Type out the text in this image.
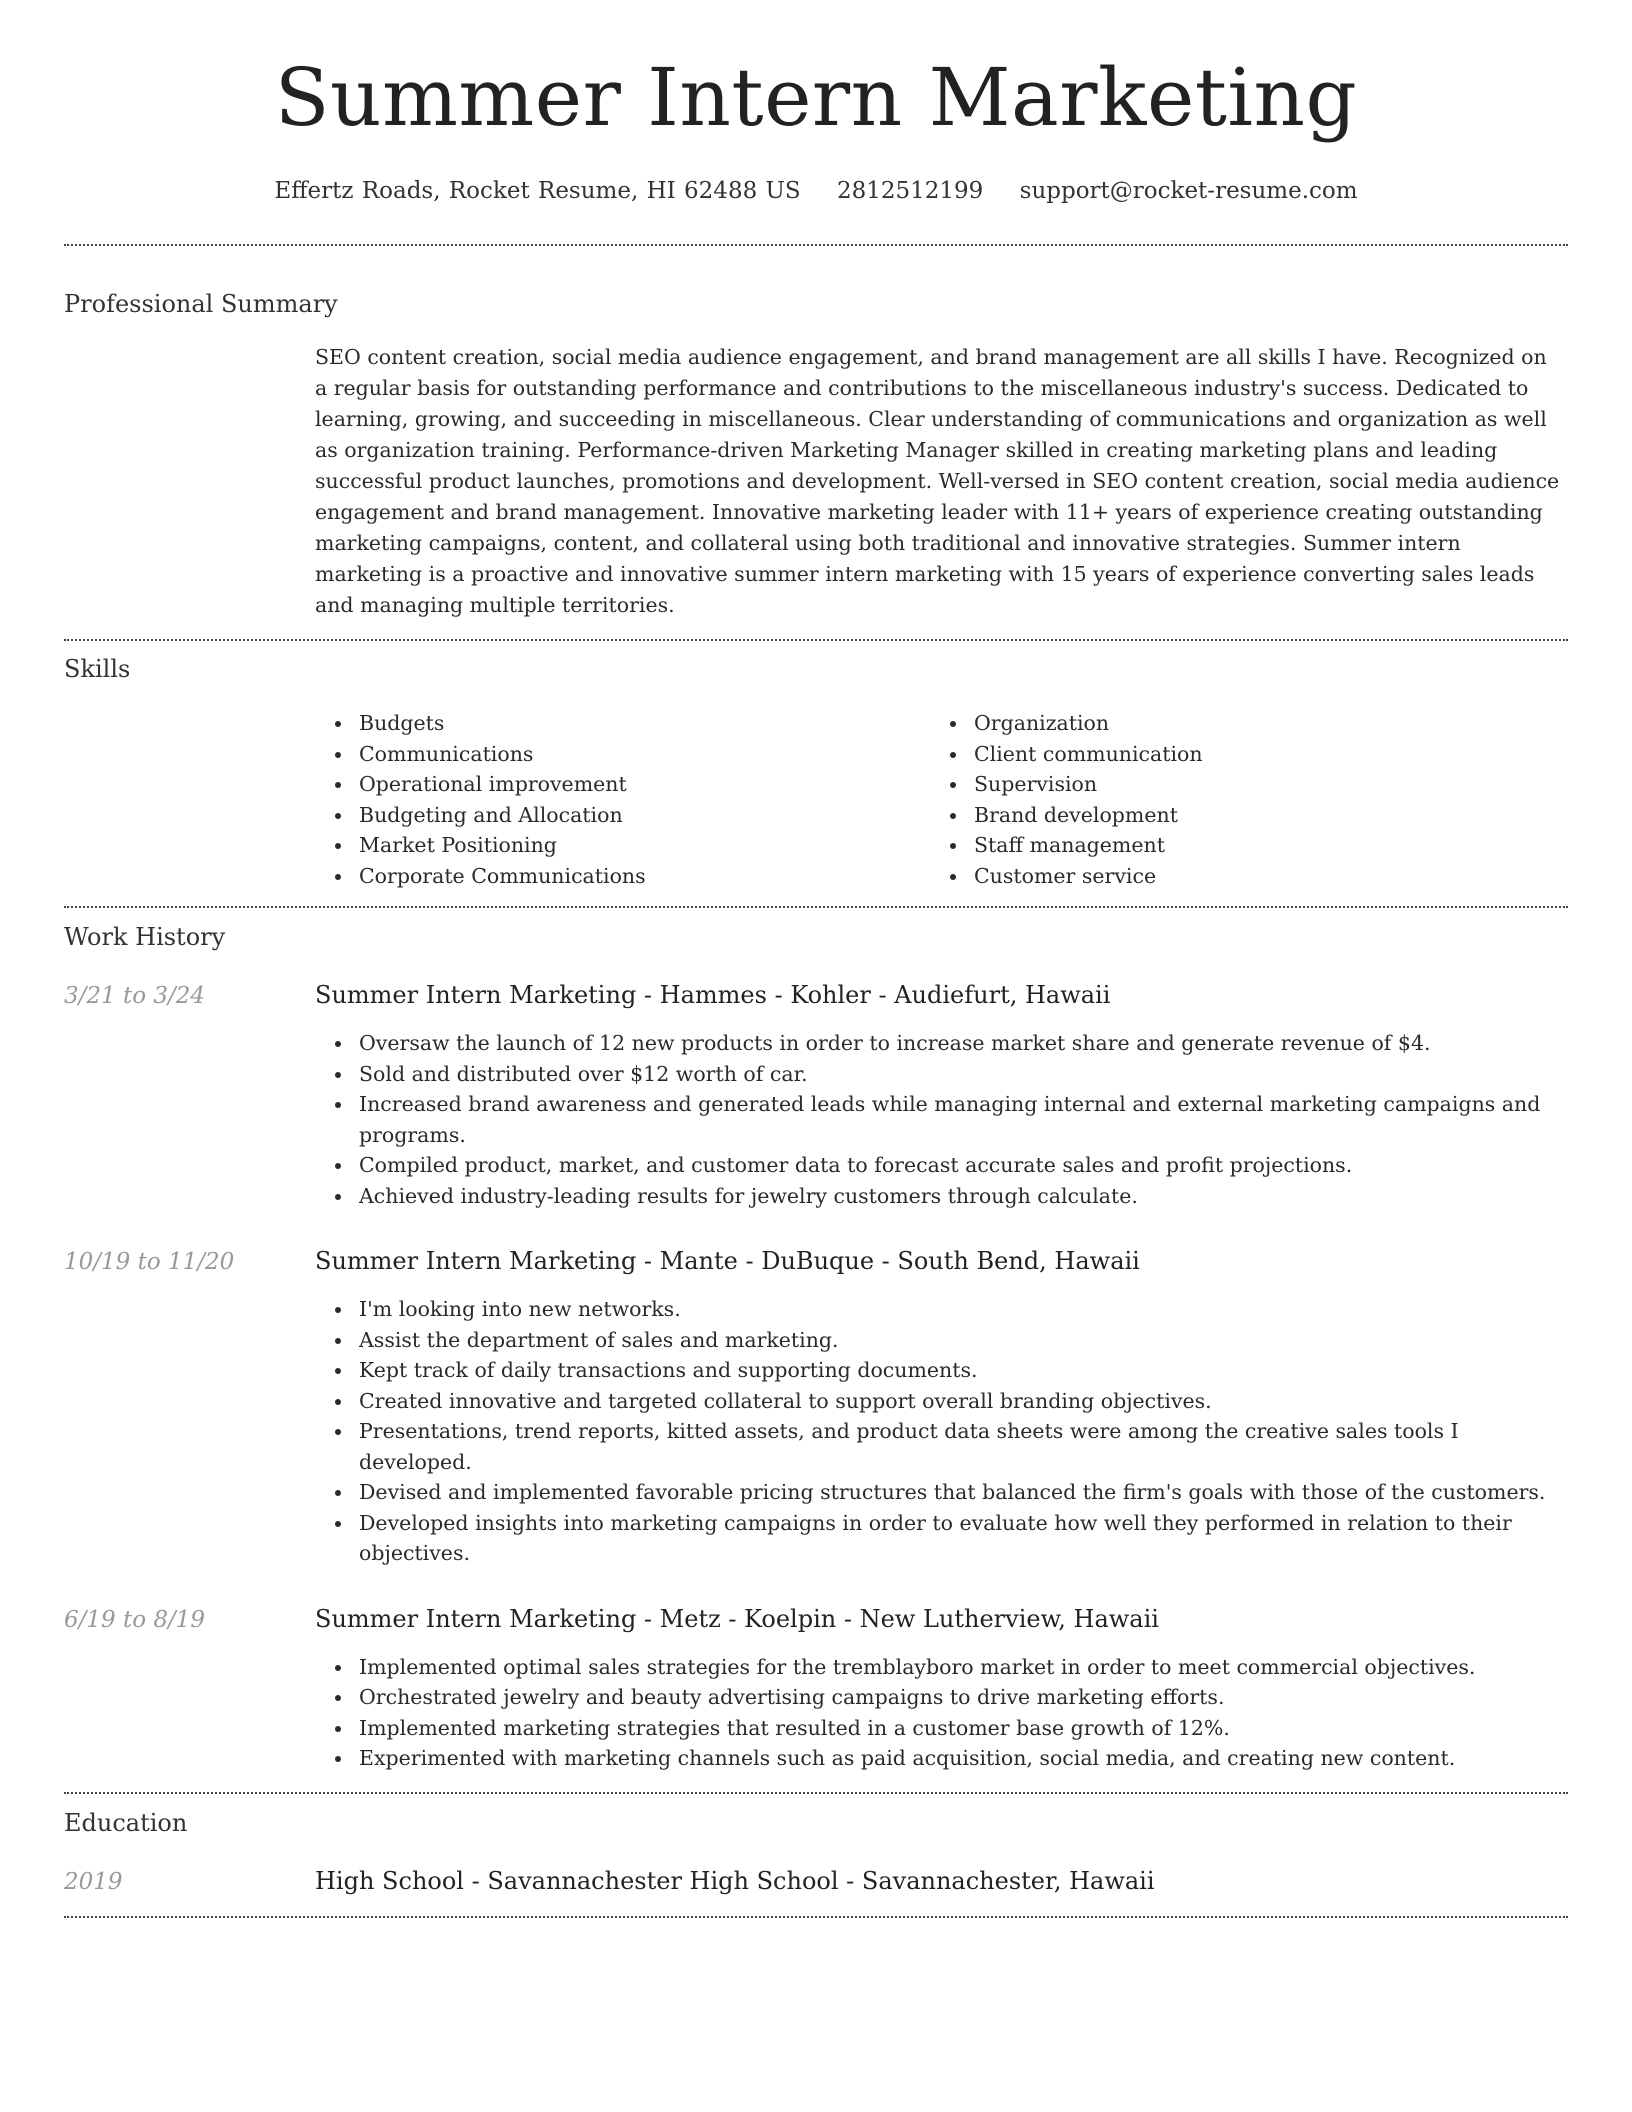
Summer Intern Marketing
Effertz Roads, Rocket Resume, HI 62488 US 2812512199 support@rocket-resume.com
Professional Summary

SEO content creation, social media audience engagement, and brand management are all skills I have. Recognized on a regular basis for outstanding performance and contributions to the miscellaneous industry's success. Dedicated to learning, growing, and succeeding in miscellaneous. Clear understanding of communications and organization as well as organization training. Performance-driven Marketing Manager skilled in creating marketing plans and leading successful product launches, promotions and development. Well-versed in SEO content creation, social media audience engagement and brand management. Innovative marketing leader with 11+ years of experience creating outstanding marketing campaigns, content, and collateral using both traditional and innovative strategies. Summer intern marketing is a proactive and innovative summer intern marketing with 15 years of experience converting sales leads and managing multiple territories.

Skills
Budgets
Communications
Operational improvement
Budgeting and Allocation
Market Positioning
Corporate Communications
Organization
Client communication
Supervision
Brand development
Staff management
Customer service
Work History
3/21 to 3/24	Summer Intern Marketing - Hammes - Kohler - Audiefurt, Hawaii
Oversaw the launch of 12 new products in order to increase market share and generate revenue of $4.
Sold and distributed over $12 worth of car.
Increased brand awareness and generated leads while managing internal and external marketing campaigns and programs.
Compiled product, market, and customer data to forecast accurate sales and profit projections.
Achieved industry-leading results for jewelry customers through calculate.
10/19 to 11/20	Summer Intern Marketing - Mante - DuBuque - South Bend, Hawaii
I'm looking into new networks.
Assist the department of sales and marketing.
Kept track of daily transactions and supporting documents.
Created innovative and targeted collateral to support overall branding objectives.
Presentations, trend reports, kitted assets, and product data sheets were among the creative sales tools I developed.
Devised and implemented favorable pricing structures that balanced the firm's goals with those of the customers.
Developed insights into marketing campaigns in order to evaluate how well they performed in relation to their objectives.
6/19 to 8/19	Summer Intern Marketing - Metz - Koelpin - New Lutherview, Hawaii
Implemented optimal sales strategies for the tremblayboro market in order to meet commercial objectives.
Orchestrated jewelry and beauty advertising campaigns to drive marketing efforts.
Implemented marketing strategies that resulted in a customer base growth of 12%.
Experimented with marketing channels such as paid acquisition, social media, and creating new content.
Education
2019	High School - Savannachester High School - Savannachester, Hawaii
